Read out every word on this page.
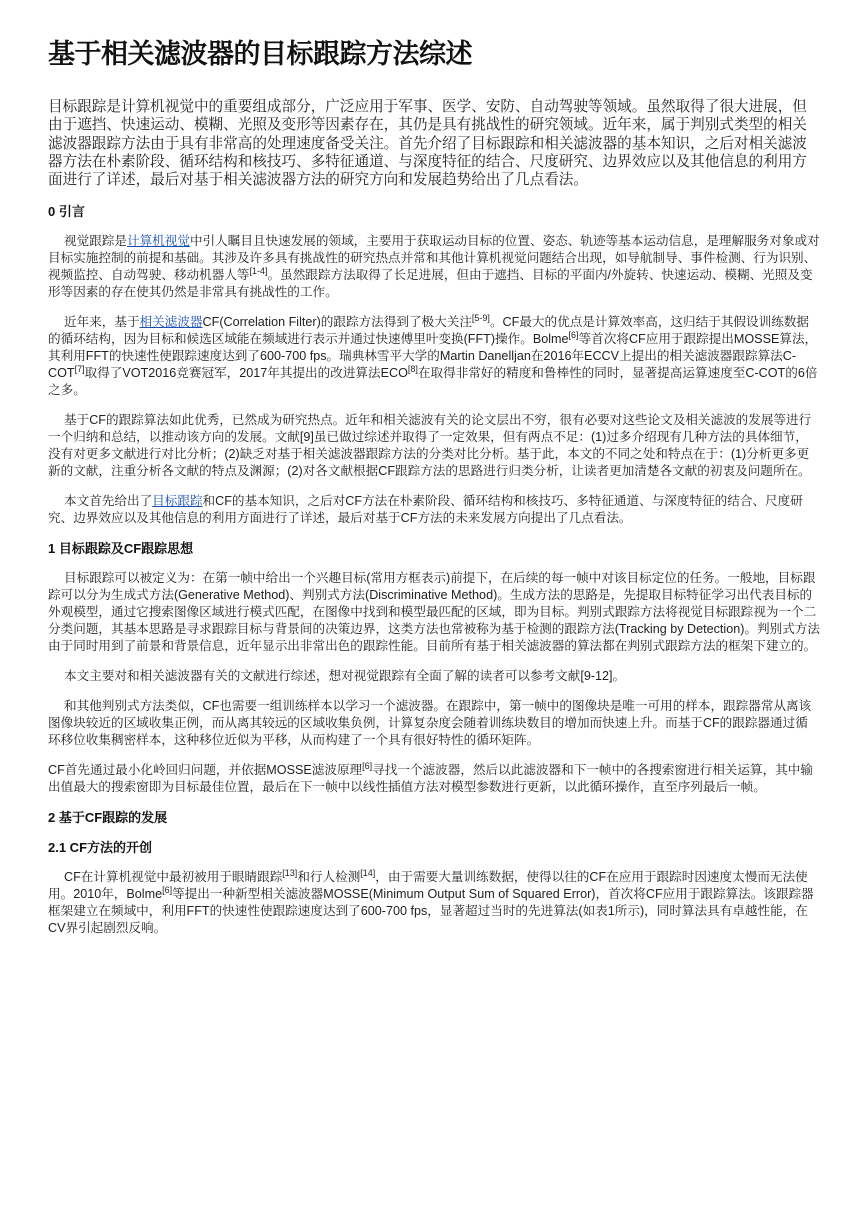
基于相关滤波器的目标跟踪方法综述

目标跟踪是计算机视觉中的重要组成部分，广泛应用于军事、医学、安防、自动驾驶等领域。虽然取得了很大进展，但由于遮挡、快速运动、模糊、光照及变形等因素存在，其仍是具有挑战性的研究领域。近年来，属于判别式类型的相关滤波器跟踪方法由于具有非常高的处理速度备受关注。首先介绍了目标跟踪和相关滤波器的基本知识，之后对相关滤波器方法在朴素阶段、循环结构和核技巧、多特征通道、与深度特征的结合、尺度研究、边界效应以及其他信息的利用方面进行了详述，最后对基于相关滤波器方法的研究方向和发展趋势给出了几点看法。

0 引言

视觉跟踪是计算机视觉中引人瞩目且快速发展的领域，主要用于获取运动目标的位置、姿态、轨迹等基本运动信息，是理解服务对象或对目标实施控制的前提和基础。其涉及许多具有挑战性的研究热点并常和其他计算机视觉问题结合出现，如导航制导、事件检测、行为识别、视频监控、自动驾驶、移动机器人等[1-4]。虽然跟踪方法取得了长足进展，但由于遮挡、目标的平面内/外旋转、快速运动、模糊、光照及变形等因素的存在使其仍然是非常具有挑战性的工作。

近年来，基于相关滤波器CF(Correlation Filter)的跟踪方法得到了极大关注[5-9]。CF最大的优点是计算效率高，这归结于其假设训练数据的循环结构，因为目标和候选区域能在频域进行表示并通过快速傅里叶变换(FFT)操作。Bolme[6]等首次将CF应用于跟踪提出MOSSE算法，其利用FFT的快速性使跟踪速度达到了600-700 fps。瑞典林雪平大学的Martin Danelljan在2016年ECCV上提出的相关滤波器跟踪算法C-COT[7]取得了VOT2016竞赛冠军，2017年其提出的改进算法ECO[8]在取得非常好的精度和鲁棒性的同时，显著提高运算速度至C-COT的6倍之多。

基于CF的跟踪算法如此优秀，已然成为研究热点。近年和相关滤波有关的论文层出不穷，很有必要对这些论文及相关滤波的发展等进行一个归纳和总结，以推动该方向的发展。文献[9]虽已做过综述并取得了一定效果，但有两点不足：(1)过多介绍现有几种方法的具体细节，没有对更多文献进行对比分析；(2)缺乏对基于相关滤波器跟踪方法的分类对比分析。基于此，本文的不同之处和特点在于：(1)分析更多更新的文献，注重分析各文献的特点及渊源；(2)对各文献根据CF跟踪方法的思路进行归类分析，让读者更加清楚各文献的初衷及问题所在。

本文首先给出了目标跟踪和CF的基本知识，之后对CF方法在朴素阶段、循环结构和核技巧、多特征通道、与深度特征的结合、尺度研究、边界效应以及其他信息的利用方面进行了详述，最后对基于CF方法的未来发展方向提出了几点看法。

1 目标跟踪及CF跟踪思想

目标跟踪可以被定义为：在第一帧中给出一个兴趣目标(常用方框表示)前提下，在后续的每一帧中对该目标定位的任务。一般地，目标跟踪可以分为生成式方法(Generative Method)、判别式方法(Discriminative Method)。生成方法的思路是，先提取目标特征学习出代表目标的外观模型，通过它搜索图像区域进行模式匹配，在图像中找到和模型最匹配的区域，即为目标。判别式跟踪方法将视觉目标跟踪视为一个二分类问题，其基本思路是寻求跟踪目标与背景间的决策边界，这类方法也常被称为基于检测的跟踪方法(Tracking by Detection)。判别式方法由于同时用到了前景和背景信息，近年显示出非常出色的跟踪性能。目前所有基于相关滤波器的算法都在判别式跟踪方法的框架下建立的。

本文主要对和相关滤波器有关的文献进行综述，想对视觉跟踪有全面了解的读者可以参考文献[9-12]。

和其他判别式方法类似，CF也需要一组训练样本以学习一个滤波器。在跟踪中，第一帧中的图像块是唯一可用的样本，跟踪器常从离该图像块较近的区域收集正例，而从离其较远的区域收集负例，计算复杂度会随着训练块数目的增加而快速上升。而基于CF的跟踪器通过循环移位收集稠密样本，这种移位近似为平移，从而构建了一个具有很好特性的循环矩阵。

CF首先通过最小化岭回归问题，并依据MOSSE滤波原理[6]寻找一个滤波器，然后以此滤波器和下一帧中的各搜索窗进行相关运算，其中输出值最大的搜索窗即为目标最佳位置，最后在下一帧中以线性插值方法对模型参数进行更新，以此循环操作，直至序列最后一帧。

2 基于CF跟踪的发展
2.1 CF方法的开创

CF在计算机视觉中最初被用于眼睛跟踪[13]和行人检测[14]，由于需要大量训练数据，使得以往的CF在应用于跟踪时因速度太慢而无法使用。2010年，Bolme[6]等提出一种新型相关滤波器MOSSE(Minimum Output Sum of Squared Error)，首次将CF应用于跟踪算法。该跟踪器框架建立在频域中，利用FFT的快速性使跟踪速度达到了600-700 fps，显著超过当时的先进算法(如表1所示)，同时算法具有卓越性能，在CV界引起剧烈反响。
